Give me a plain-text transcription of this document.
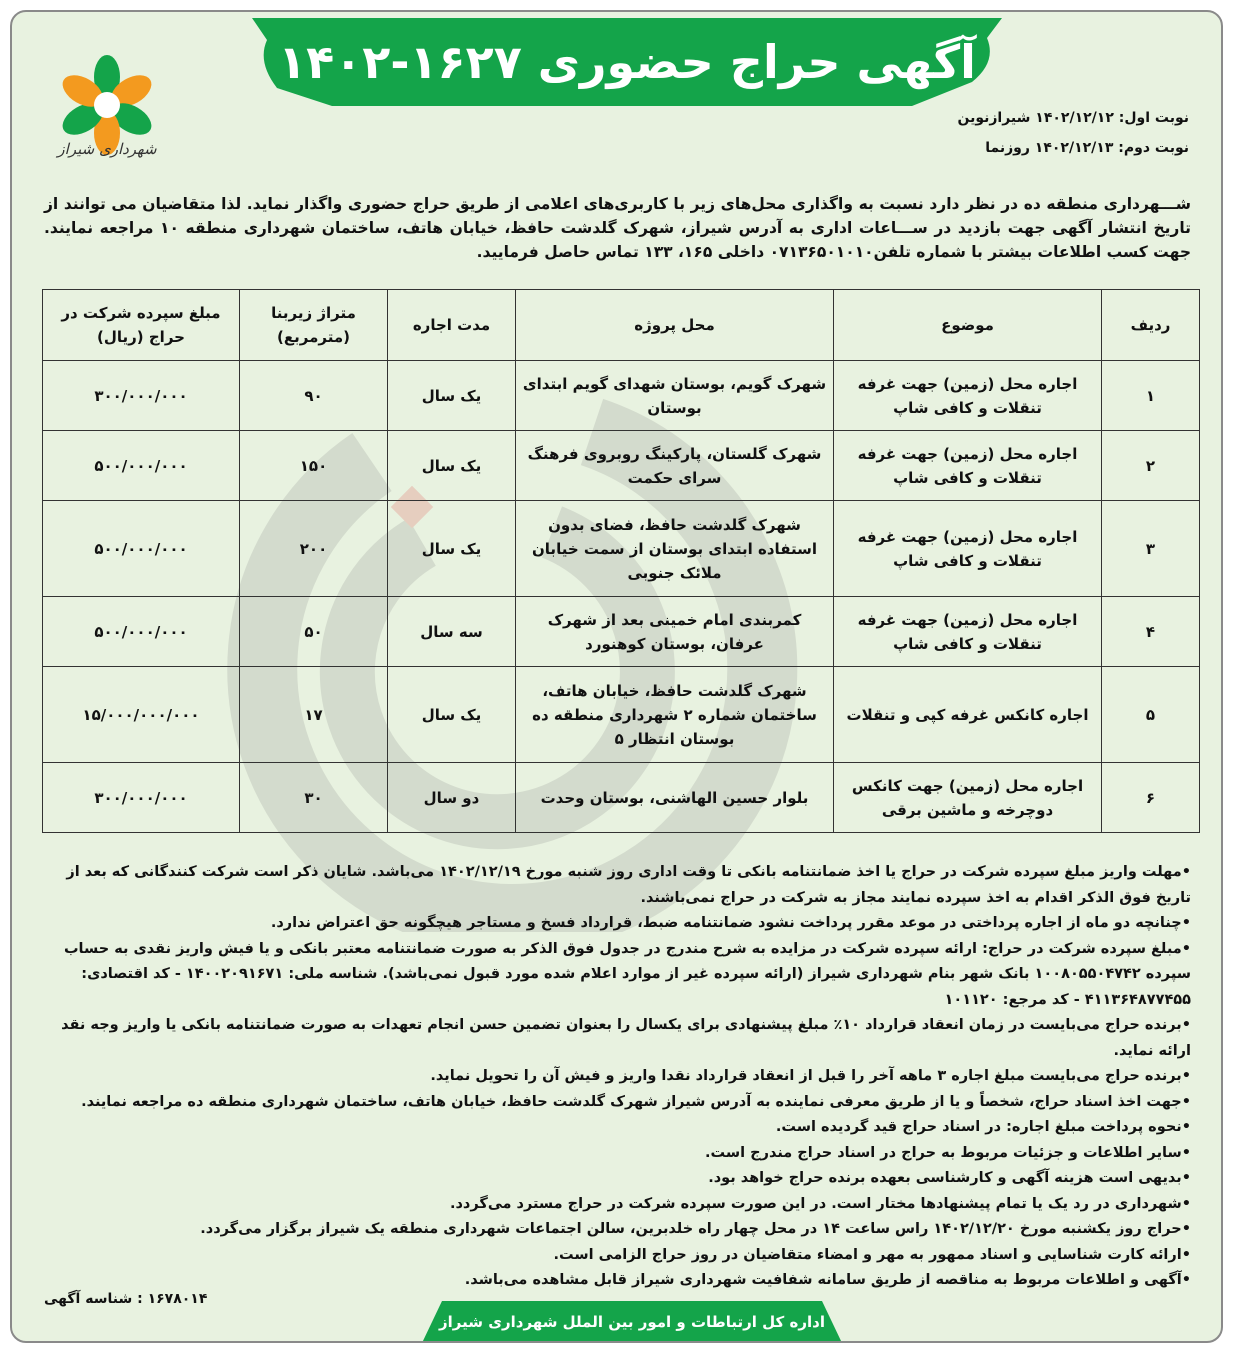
آگهی حراج حضوری ۱۶۲۷-۱۴۰۲
شهرداری شیراز
نوبت اول: ۱۴۰۲/۱۲/۱۲ شیرازنوین
نوبت دوم: ۱۴۰۲/۱۲/۱۳ روزنما
شـــهرداری منطقه ده در نظر دارد نسبت به واگذاری محل‌های زیر با کاربری‌های اعلامی از طریق حراج حضوری واگذار نماید. لذا متقاضیان می توانند از تاریخ انتشار آگهی جهت بازدید در ســـاعات اداری به آدرس شیراز، شهرک گلدشت حافظ، خیابان هاتف، ساختمان شهرداری منطقه ۱۰ مراجعه نمایند. جهت کسب اطلاعات بیشتر با شماره تلفن۰۷۱۳۶۵۰۱۰۱۰ داخلی ۱۶۵، ۱۳۳ تماس حاصل فرمایید.
ردیف	موضوع	محل پروژه	مدت اجاره	متراژ زیربنا (مترمربع)	مبلغ سپرده شرکت در حراج (ریال)
۱	اجاره محل (زمین) جهت غرفه تنقلات و کافی شاپ	شهرک گویم، بوستان شهدای گویم ابتدای بوستان	یک سال	۹۰	۳۰۰/۰۰۰/۰۰۰
۲	اجاره محل (زمین) جهت غرفه تنقلات و کافی شاپ	شهرک گلستان، پارکینگ روبروی فرهنگ سرای حکمت	یک سال	۱۵۰	۵۰۰/۰۰۰/۰۰۰
۳	اجاره محل (زمین) جهت غرفه تنقلات و کافی شاپ	شهرک گلدشت حافظ، فضای بدون استفاده ابتدای بوستان از سمت خیابان ملائک جنوبی	یک سال	۲۰۰	۵۰۰/۰۰۰/۰۰۰
۴	اجاره محل (زمین) جهت غرفه تنقلات و کافی شاپ	کمربندی امام خمینی بعد از شهرک عرفان، بوستان کوهنورد	سه سال	۵۰	۵۰۰/۰۰۰/۰۰۰
۵	اجاره کانکس غرفه کپی و تنقلات	شهرک گلدشت حافظ، خیابان هاتف، ساختمان شماره ۲ شهرداری منطقه ده بوستان انتظار ۵	یک سال	۱۷	۱۵/۰۰۰/۰۰۰/۰۰۰
۶	اجاره محل (زمین) جهت کانکس دوچرخه و ماشین برقی	بلوار حسین الهاشنی، بوستان وحدت	دو سال	۳۰	۳۰۰/۰۰۰/۰۰۰

•مهلت واریز مبلغ سپرده شرکت در حراج یا اخذ ضمانتنامه بانکی تا وقت اداری روز شنبه مورخ ۱۴۰۲/۱۲/۱۹ می‌باشد. شایان ذکر است شرکت کنندگانی که بعد از تاریخ فوق الذکر اقدام به اخذ سپرده نمایند مجاز به شرکت در حراج نمی‌باشند.

•چنانچه دو ماه از اجاره پرداختی در موعد مقرر پرداخت نشود ضمانتنامه ضبط، قرارداد فسخ و مستاجر هیچگونه حق اعتراض ندارد.

•مبلغ سپرده شرکت در حراج: ارائه سپرده شرکت در مزایده به شرح مندرج در جدول فوق الذکر به صورت ضمانتنامه معتبر بانکی و یا فیش واریز نقدی به حساب سپرده ۱۰۰۸۰۵۵۰۴۷۴۲ بانک شهر بنام شهرداری شیراز (ارائه سپرده غیر از موارد اعلام شده مورد قبول نمی‌باشد). شناسه ملی: ۱۴۰۰۲۰۹۱۶۷۱ - کد اقتصادی: ۴۱۱۳۶۴۸۷۷۴۵۵ - کد مرجع: ۱۰۱۱۲۰

•برنده حراج می‌بایست در زمان انعقاد قرارداد ۱۰٪ مبلغ پیشنهادی برای یکسال را بعنوان تضمین حسن انجام تعهدات به صورت ضمانتنامه بانکی یا واریز وجه نقد ارائه نماید.

•برنده حراج می‌بایست مبلغ اجاره ۳ ماهه آخر را قبل از انعقاد قرارداد نقدا واریز و فیش آن را تحویل نماید.

•جهت اخذ اسناد حراج، شخصاً و یا از طریق معرفی نماینده به آدرس شیراز شهرک گلدشت حافظ، خیابان هاتف، ساختمان شهرداری منطقه ده مراجعه نمایند.

•نحوه پرداخت مبلغ اجاره: در اسناد حراج قید گردیده است.

•سایر اطلاعات و جزئیات مربوط به حراج در اسناد حراج مندرج است.

•بدیهی است هزینه آگهی و کارشناسی بعهده برنده حراج خواهد بود.

•شهرداری در رد یک یا تمام پیشنهادها مختار است. در این صورت سپرده شرکت در حراج مسترد می‌گردد.

•حراج روز یکشنبه مورخ ۱۴۰۲/۱۲/۲۰ راس ساعت ۱۴ در محل چهار راه خلدبرین، سالن اجتماعات شهرداری منطقه یک شیراز برگزار می‌گردد.

•ارائه کارت شناسایی و اسناد ممهور به مهر و امضاء متقاضیان در روز حراج الزامی است.

•آگهی و اطلاعات مربوط به مناقصه از طریق سامانه شفافیت شهرداری شیراز قابل مشاهده می‌باشد.

۱۶۷۸۰۱۴ : شناسه آگهی
اداره کل ارتباطات و امور بین الملل شهرداری شیراز
